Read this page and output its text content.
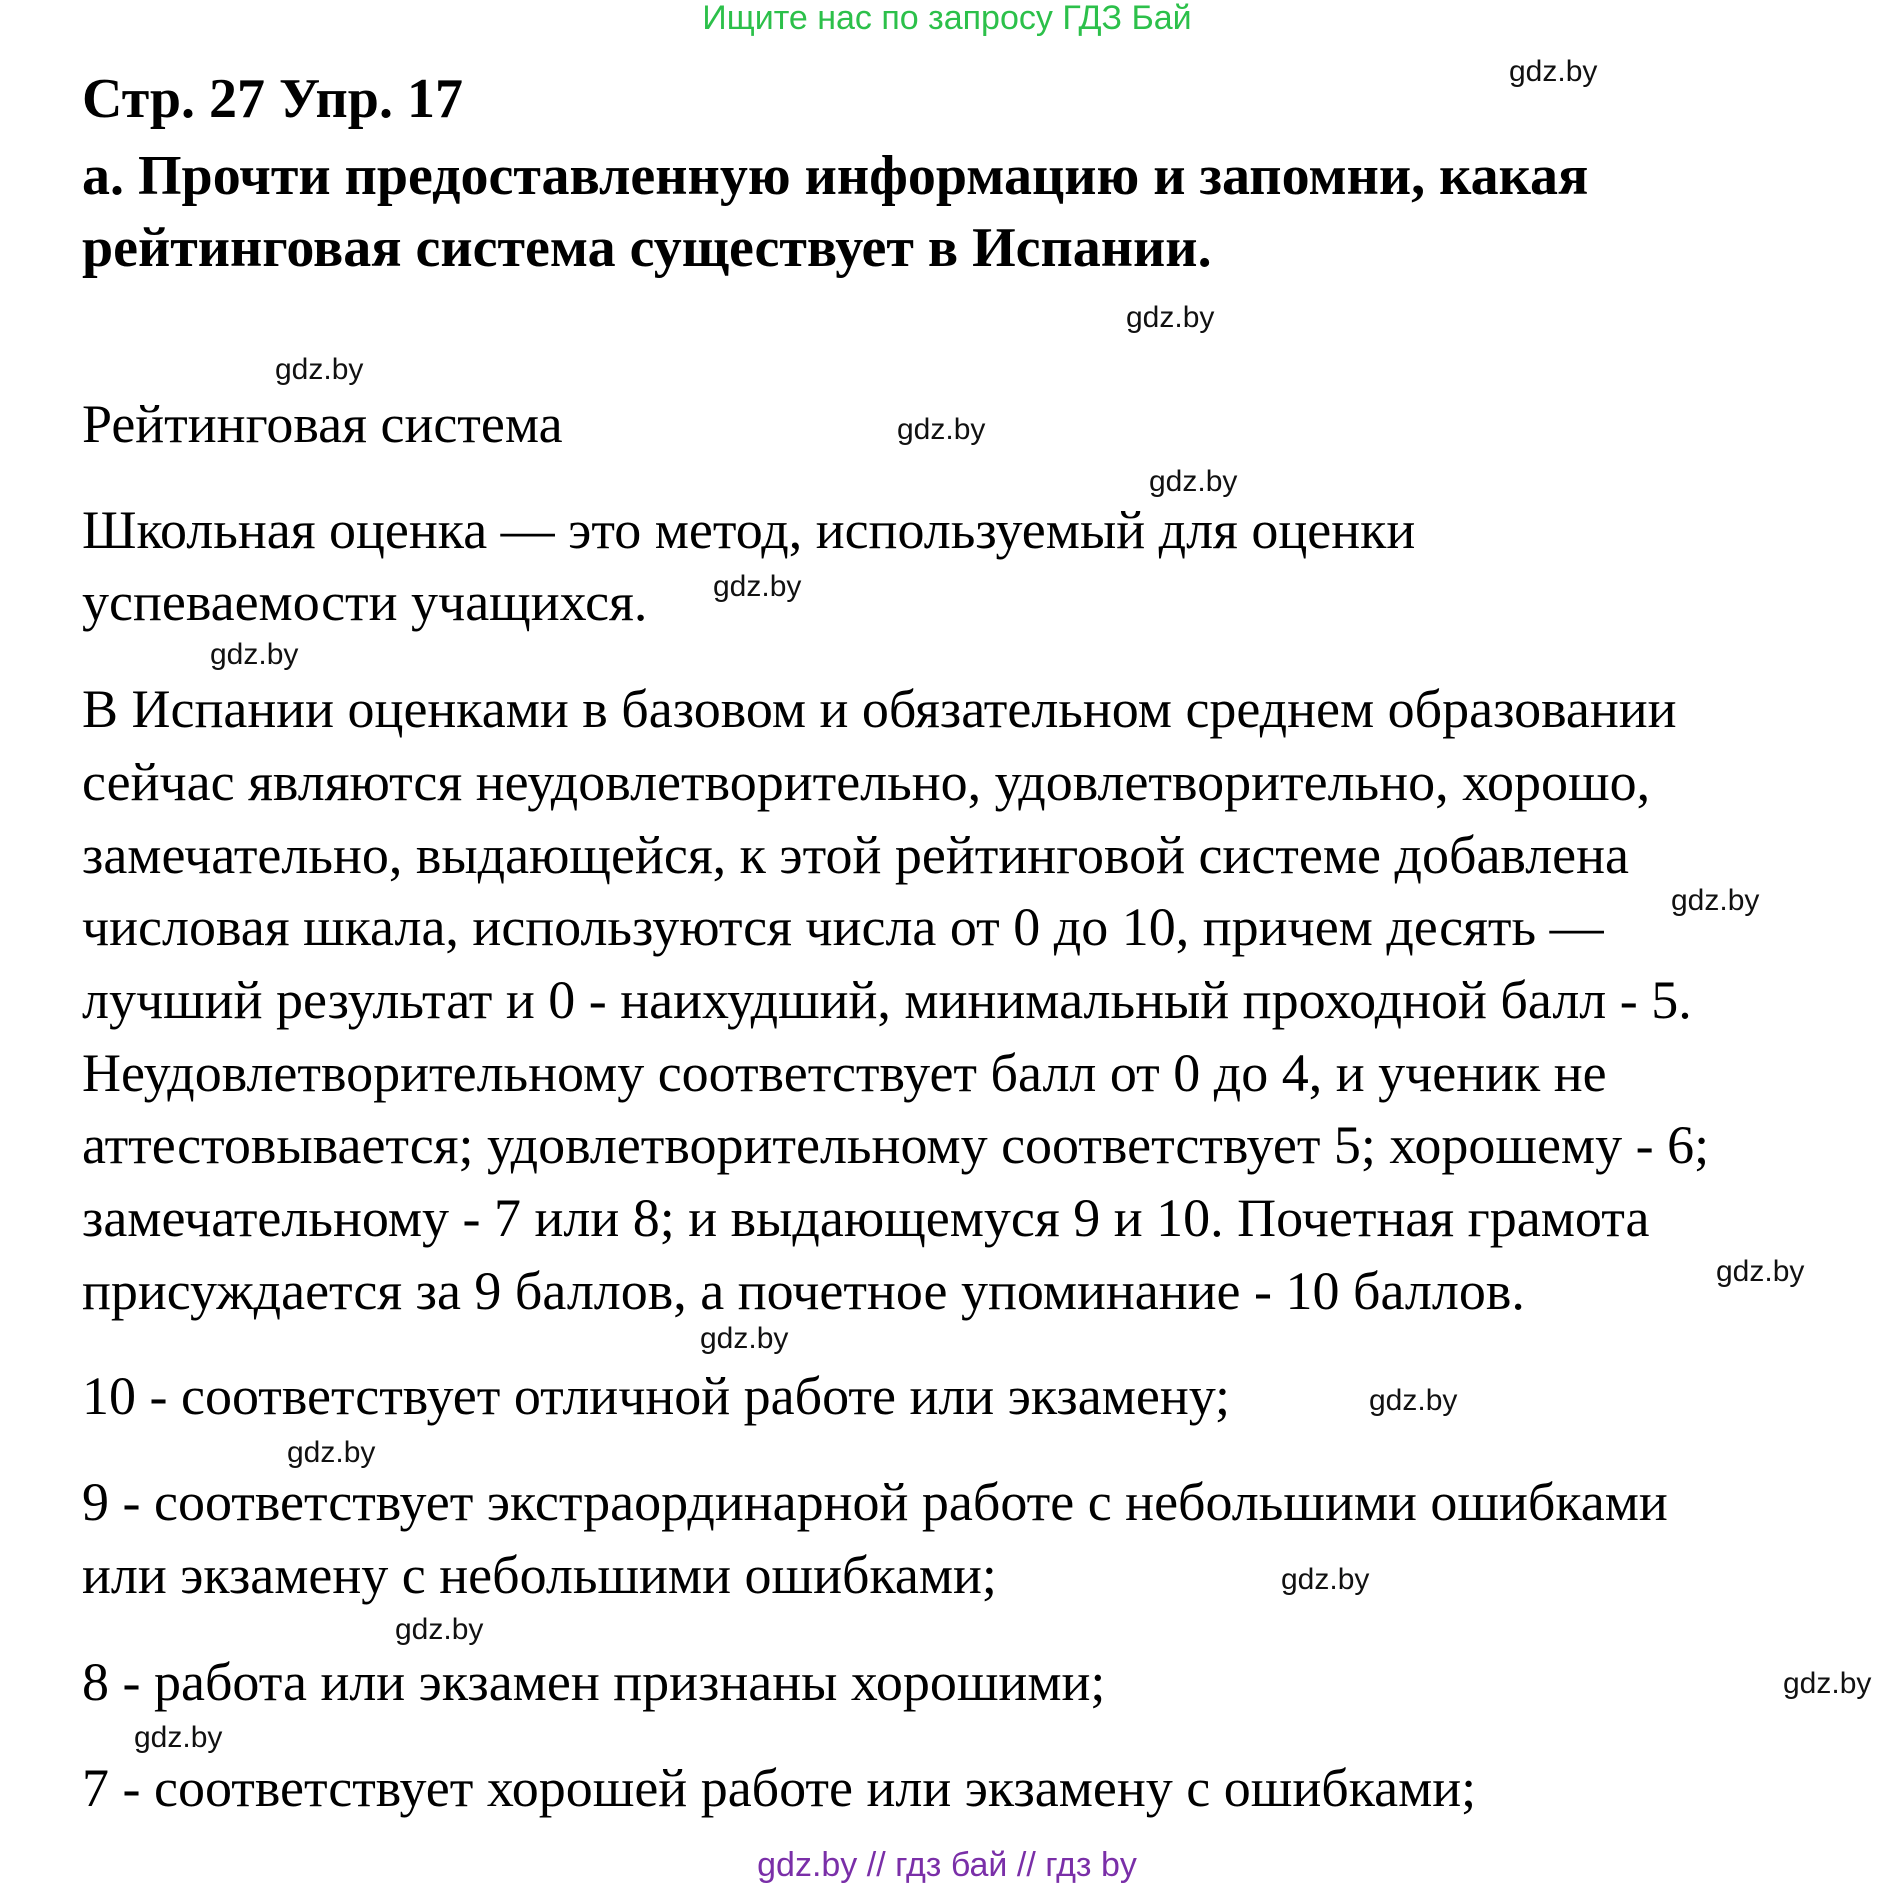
Ищите нас по запросу ГДЗ Бай
Стр. 27 Упр. 17
а. Прочти предоставленную информацию и запомни, какая
рейтинговая система существует в Испании.
Рейтинговая система
Школьная оценка — это метод, используемый для оценки
успеваемости учащихся.
В Испании оценками в базовом и обязательном среднем образовании
сейчас являются неудовлетворительно, удовлетворительно, хорошо,
замечательно, выдающейся, к этой рейтинговой системе добавлена
числовая шкала, используются числа от 0 до 10, причем десять —
лучший результат и 0 - наихудший, минимальный проходной балл - 5.
Неудовлетворительному соответствует балл от 0 до 4, и ученик не
аттестовывается; удовлетворительному соответствует 5; хорошему - 6;
замечательному - 7 или 8; и выдающемуся 9 и 10. Почетная грамота
присуждается за 9 баллов, а почетное упоминание - 10 баллов.
10 - соответствует отличной работе или экзамену;
9 - соответствует экстраординарной работе с небольшими ошибками
или экзамену с небольшими ошибками;
8 - работа или экзамен признаны хорошими;
7 - соответствует хорошей работе или экзамену с ошибками;
gdz.by
gdz.by
gdz.by
gdz.by
gdz.by
gdz.by
gdz.by
gdz.by
gdz.by
gdz.by
gdz.by
gdz.by
gdz.by
gdz.by
gdz.by
gdz.by
gdz.by // гдз бай // гдз by
